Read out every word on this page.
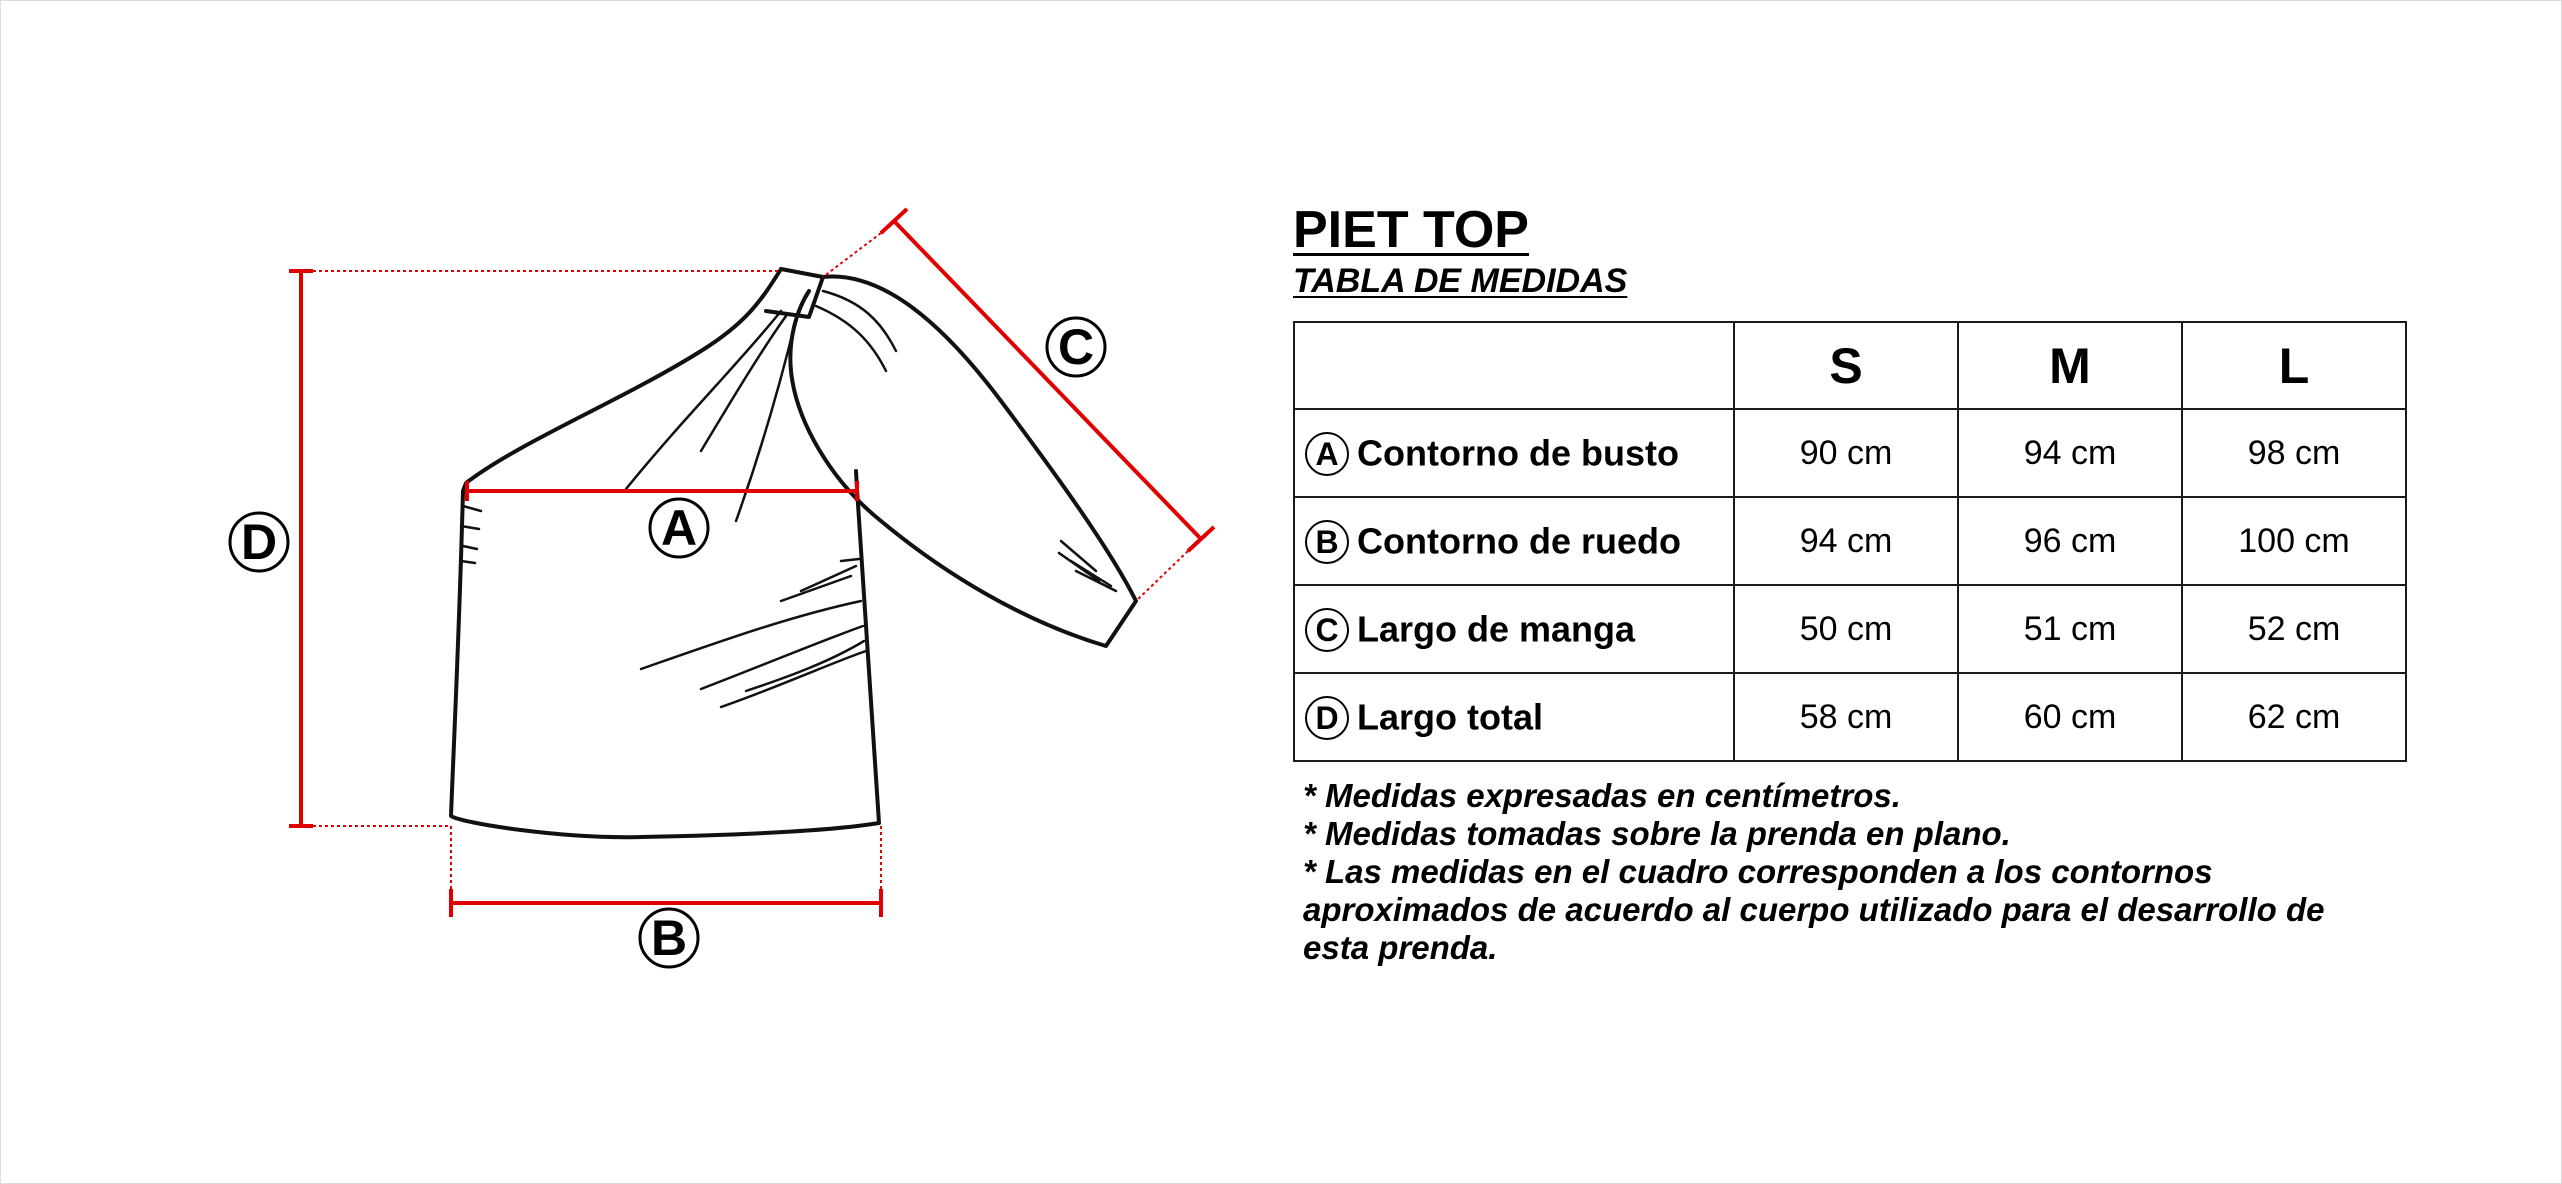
D	A
B
C
PIET TOP
TABLA DE MEDIDAS
	S	M	L
A Contorno de busto	90 cm	94 cm	98 cm
B Contorno de ruedo	94 cm	96 cm	100 cm
C Largo de manga	50 cm	51 cm	52 cm
D Largo total	58 cm	60 cm	62 cm

* Medidas expresadas en centímetros.

* Medidas tomadas sobre la prenda en plano.

* Las medidas en el cuadro corresponden a los contornos aproximados de acuerdo al cuerpo utilizado para el desarrollo de esta prenda.
